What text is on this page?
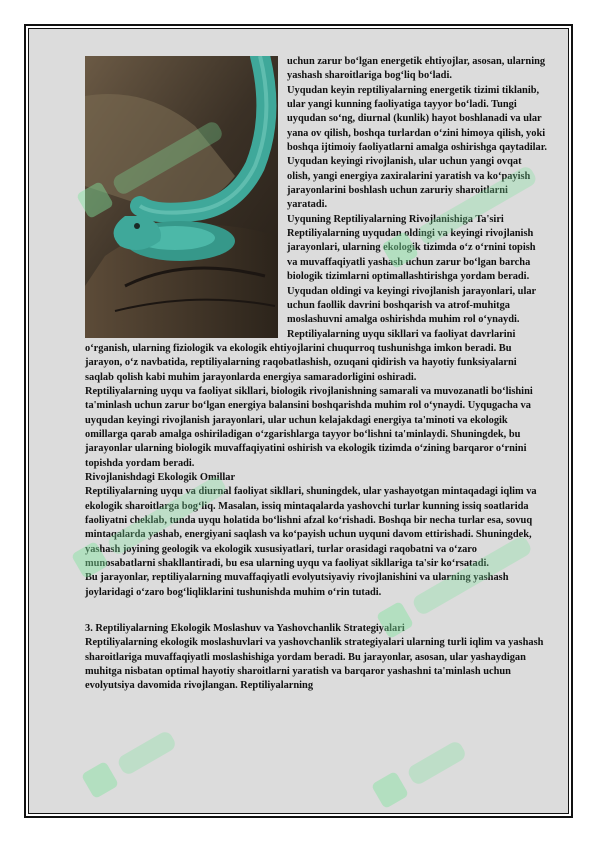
uchun zarur bo‘lgan energetik ehtiyojlar, asosan, ularning yashash sharoitlariga bog‘liq bo‘ladi.

Uyqudan keyin reptiliyalarning energetik tizimi tiklanib, ular yangi kunning faoliyatiga tayyor bo‘ladi. Tungi uyqudan so‘ng, diurnal (kunlik) hayot boshlanadi va ular yana ov qilish, boshqa turlardan o‘zini himoya qilish, yoki boshqa ijtimoiy faoliyatlarni amalga oshirishga qaytadilar.

Uyqudan keyingi rivojlanish, ular uchun yangi ovqat olish, yangi energiya zaxiralarini yaratish va ko‘payish jarayonlarini boshlash uchun zaruriy sharoitlarni yaratadi.

Uyquning Reptiliyalarning Rivojlanishiga Ta'siri

Reptiliyalarning uyqudan oldingi va keyingi rivojlanish jarayonlari, ularning ekologik tizimda o‘z o‘rnini topish va muvaffaqiyatli yashash uchun zarur bo‘lgan barcha biologik tizimlarni optimallashtirishga yordam beradi. Uyqudan oldingi va keyingi rivojlanish jarayonlari, ular uchun faollik davrini boshqarish va atrof-muhitga moslashuvni amalga oshirishda muhim rol o‘ynaydi.

Reptiliyalarning uyqu sikllari va faoliyat davrlarini o‘rganish, ularning fiziologik va ekologik ehtiyojlarini chuqurroq tushunishga imkon beradi. Bu jarayon, o‘z navbatida, reptiliyalarning raqobatlashish, ozuqani qidirish va hayotiy funksiyalarni saqlab qolish kabi muhim jarayonlarda energiya samaradorligini oshiradi.

Reptiliyalarning uyqu va faoliyat sikllari, biologik rivojlanishning samarali va muvozanatli bo‘lishini ta'minlash uchun zarur bo‘lgan energiya balansini boshqarishda muhim rol o‘ynaydi. Uyqugacha va uyqudan keyingi rivojlanish jarayonlari, ular uchun kelajakdagi energiya ta'minoti va ekologik omillarga qarab amalga oshiriladigan o‘zgarishlarga tayyor bo‘lishni ta'minlaydi. Shuningdek, bu jarayonlar ularning biologik muvaffaqiyatini oshirish va ekologik tizimda o‘zining barqaror o‘rnini topishda yordam beradi.

Rivojlanishdagi Ekologik Omillar

Reptiliyalarning uyqu va diurnal faoliyat sikllari, shuningdek, ular yashayotgan mintaqadagi iqlim va ekologik sharoitlarga bog‘liq. Masalan, issiq mintaqalarda yashovchi turlar kunning issiq soatlarida faoliyatni cheklab, tunda uyqu holatida bo‘lishni afzal ko‘rishadi. Boshqa bir necha turlar esa, sovuq mintaqalarda yashab, energiyani saqlash va ko‘payish uchun uyquni davom ettirishadi. Shuningdek, yashash joyining geologik va ekologik xususiyatlari, turlar orasidagi raqobatni va o‘zaro munosabatlarni shakllantiradi, bu esa ularning uyqu va faoliyat sikllariga ta'sir ko‘rsatadi.

Bu jarayonlar, reptiliyalarning muvaffaqiyatli evolyutsiyaviy rivojlanishini va ularning yashash joylaridagi o‘zaro bog‘liqliklarini tushunishda muhim o‘rin tutadi.

3. Reptiliyalarning Ekologik Moslashuv va Yashovchanlik Strategiyalari

Reptiliyalarning ekologik moslashuvlari va yashovchanlik strategiyalari ularning turli iqlim va yashash sharoitlariga muvaffaqiyatli moslashishiga yordam beradi. Bu jarayonlar, asosan, ular yashaydigan muhitga nisbatan optimal hayotiy sharoitlarni yaratish va barqaror yashashni ta'minlash uchun evolyutsiya davomida rivojlangan. Reptiliyalarning
